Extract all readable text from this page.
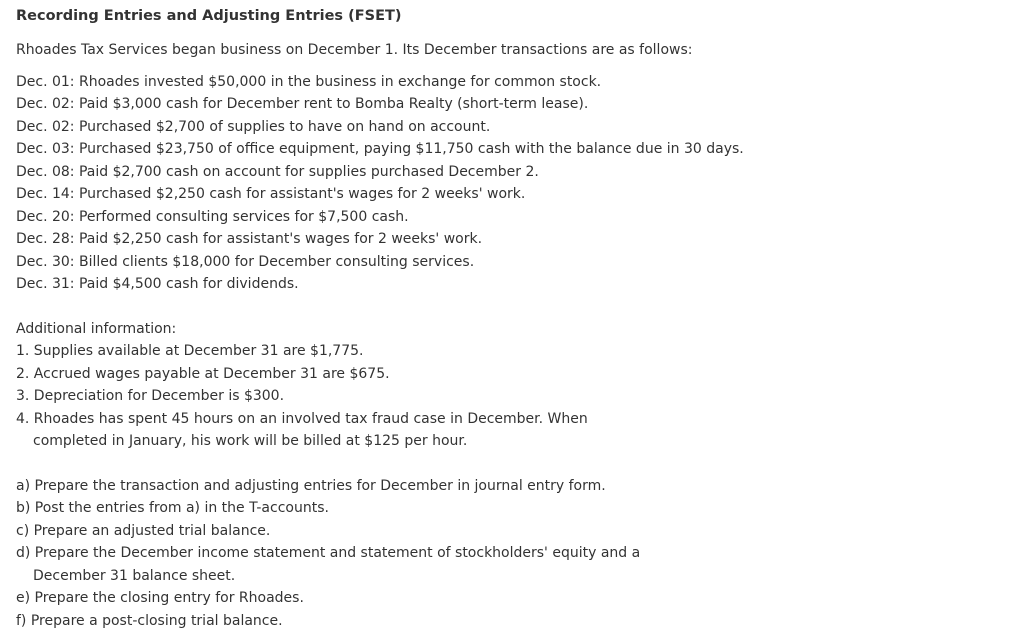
Recording Entries and Adjusting Entries (FSET)
Rhoades Tax Services began business on December 1. Its December transactions are as follows:
Dec. 01: Rhoades invested $50,000 in the business in exchange for common stock.
Dec. 02: Paid $3,000 cash for December rent to Bomba Realty (short-term lease).
Dec. 02: Purchased $2,700 of supplies to have on hand on account.
Dec. 03: Purchased $23,750 of office equipment, paying $11,750 cash with the balance due in 30 days.
Dec. 08: Paid $2,700 cash on account for supplies purchased December 2.
Dec. 14: Purchased $2,250 cash for assistant's wages for 2 weeks' work.
Dec. 20: Performed consulting services for $7,500 cash.
Dec. 28: Paid $2,250 cash for assistant's wages for 2 weeks' work.
Dec. 30: Billed clients $18,000 for December consulting services.
Dec. 31: Paid $4,500 cash for dividends.
Additional information:
1. Supplies available at December 31 are $1,775.
2. Accrued wages payable at December 31 are $675.
3. Depreciation for December is $300.
4. Rhoades has spent 45 hours on an involved tax fraud case in December. When
completed in January, his work will be billed at $125 per hour.
a) Prepare the transaction and adjusting entries for December in journal entry form.
b) Post the entries from a) in the T-accounts.
c) Prepare an adjusted trial balance.
d) Prepare the December income statement and statement of stockholders' equity and a
December 31 balance sheet.
e) Prepare the closing entry for Rhoades.
f) Prepare a post-closing trial balance.
